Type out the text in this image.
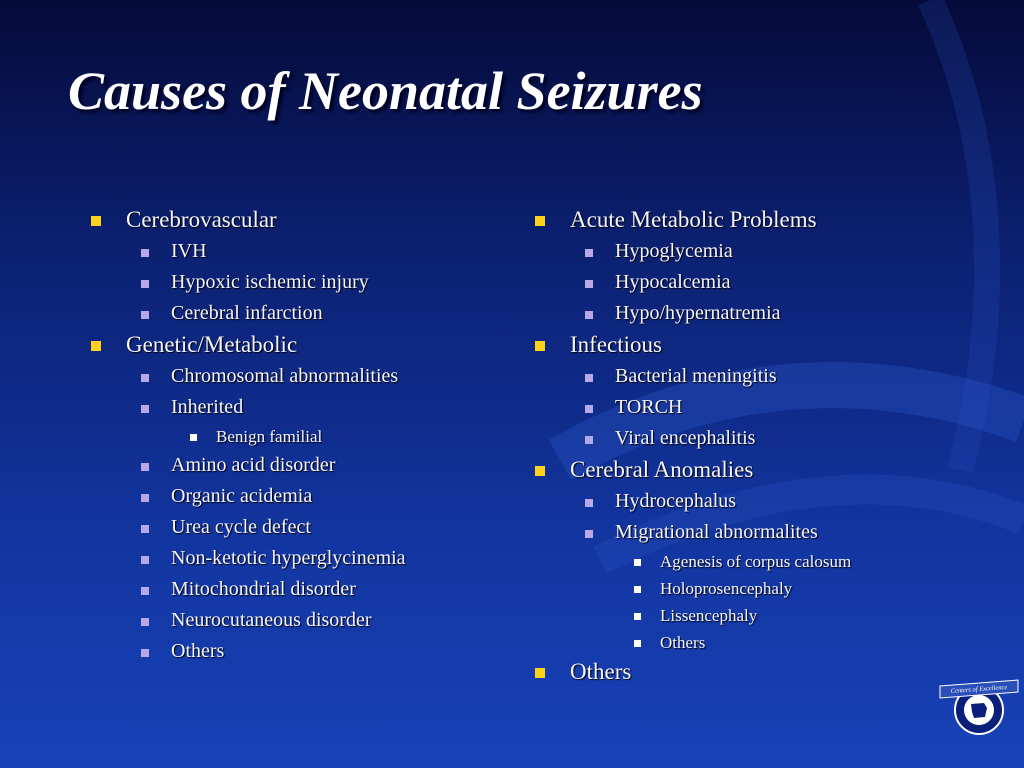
Causes of Neonatal Seizures
Cerebrovascular
IVH
Hypoxic ischemic injury
Cerebral infarction
Genetic/Metabolic
Chromosomal abnormalities
Inherited
Benign familial
Amino acid disorder
Organic acidemia
Urea cycle defect
Non-ketotic hyperglycinemia
Mitochondrial disorder
Neurocutaneous disorder
Others
Acute Metabolic Problems
Hypoglycemia
Hypocalcemia
Hypo/hypernatremia
Infectious
Bacterial meningitis
TORCH
Viral encephalitis
Cerebral Anomalies
Hydrocephalus
Migrational abnormalites
Agenesis of corpus calosum
Holoprosencephaly
Lissencephaly
Others
Others
Centers of Excellence
